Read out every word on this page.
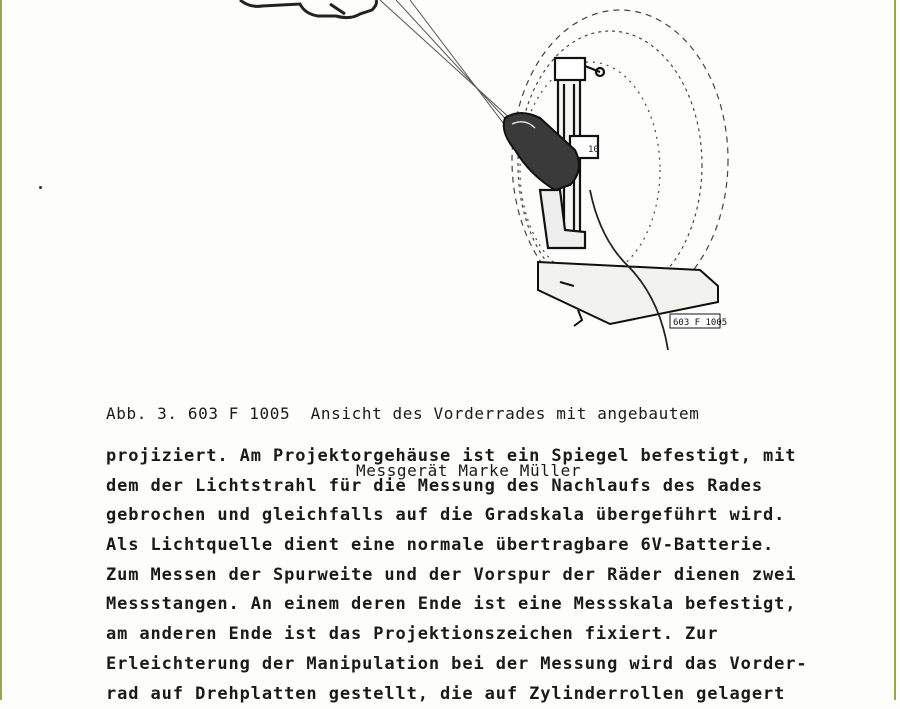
10
603 F 1005

Abb. 3. 603 F 1005 Ansicht des Vorderrades mit angebautem

Messgerät Marke Müller

projiziert. Am Projektorgehäuse ist ein Spiegel befestigt, mit
dem der Lichtstrahl für die Messung des Nachlaufs des Rades
gebrochen und gleichfalls auf die Gradskala übergeführt wird.
Als Lichtquelle dient eine normale übertragbare 6V-Batterie.
Zum Messen der Spurweite und der Vorspur der Räder dienen zwei
Messstangen. An einem deren Ende ist eine Messskala befestigt,
am anderen Ende ist das Projektionszeichen fixiert. Zur
Erleichterung der Manipulation bei der Messung wird das Vorder-
rad auf Drehplatten gestellt, die auf Zylinderrollen gelagert
